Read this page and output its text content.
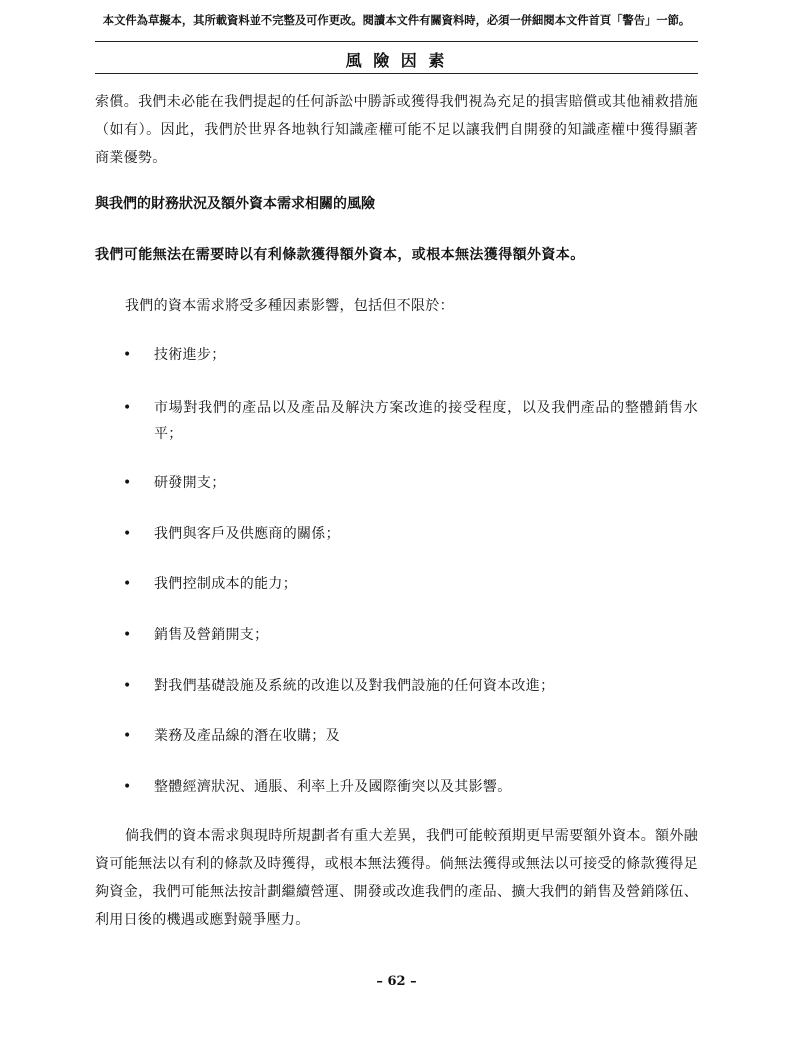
本文件為草擬本，其所載資料並不完整及可作更改。閱讀本文件有關資料時，必須一併細閱本文件首頁「警告」一節。
風 險 因 素
索償。我們未必能在我們提起的任何訴訟中勝訴或獲得我們視為充足的損害賠償或其他補救措施（如有）。因此，我們於世界各地執行知識產權可能不足以讓我們自開發的知識產權中獲得顯著商業優勢。
與我們的財務狀況及額外資本需求相關的風險
我們可能無法在需要時以有利條款獲得額外資本，或根本無法獲得額外資本。
我們的資本需求將受多種因素影響，包括但不限於：
• 技術進步；
• 市場對我們的產品以及產品及解決方案改進的接受程度，以及我們產品的整體銷售水平；
• 研發開支；
• 我們與客戶及供應商的關係；
• 我們控制成本的能力；
• 銷售及營銷開支；
• 對我們基礎設施及系統的改進以及對我們設施的任何資本改進；
• 業務及產品線的潛在收購；及
• 整體經濟狀況、通脹、利率上升及國際衝突以及其影響。
倘我們的資本需求與現時所規劃者有重大差異，我們可能較預期更早需要額外資本。額外融資可能無法以有利的條款及時獲得，或根本無法獲得。倘無法獲得或無法以可接受的條款獲得足夠資金，我們可能無法按計劃繼續營運、開發或改進我們的產品、擴大我們的銷售及營銷隊伍、利用日後的機遇或應對競爭壓力。
– 62 –
